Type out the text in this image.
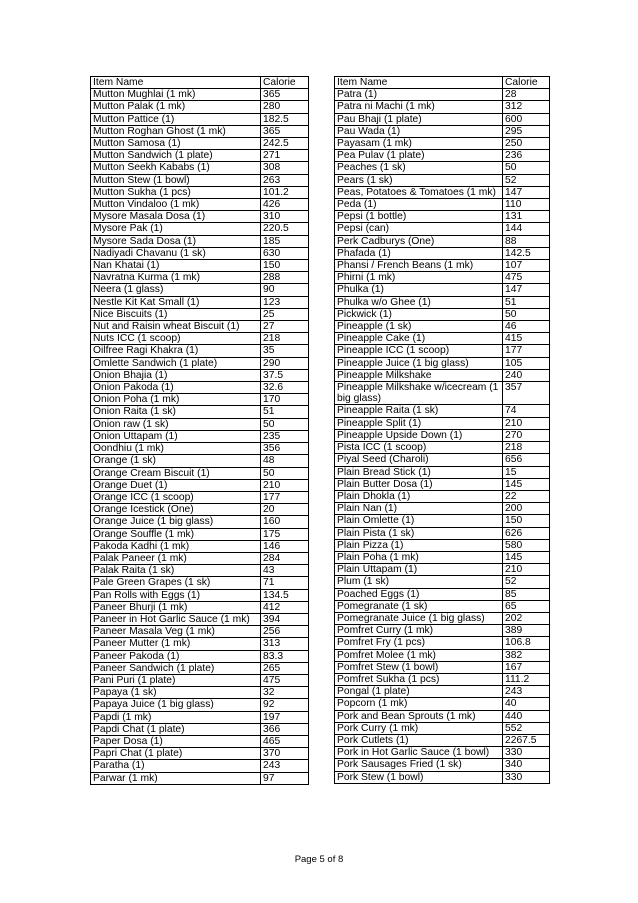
Item Name	Calorie
Mutton Mughlai (1 mk)	365
Mutton Palak (1 mk)	280
Mutton Pattice (1)	182.5
Mutton Roghan Ghost (1 mk)	365
Mutton Samosa (1)	242.5
Mutton Sandwich (1 plate)	271
Mutton Seekh Kababs (1)	308
Mutton Stew (1 bowl)	263
Mutton Sukha (1 pcs)	101.2
Mutton Vindaloo (1 mk)	426
Mysore Masala Dosa (1)	310
Mysore Pak (1)	220.5
Mysore Sada Dosa (1)	185
Nadiyadi Chavanu (1 sk)	630
Nan Khatai (1)	150
Navratna Kurma (1 mk)	288
Neera (1 glass)	90
Nestle Kit Kat Small (1)	123
Nice Biscuits (1)	25
Nut and Raisin wheat Biscuit (1)	27
Nuts ICC (1 scoop)	218
Oilfree Ragi Khakra (1)	35
Omlette Sandwich (1 plate)	290
Onion Bhajia (1)	37.5
Onion Pakoda (1)	32.6
Onion Poha (1 mk)	170
Onion Raita (1 sk)	51
Onion raw (1 sk)	50
Onion Uttapam (1)	235
Oondhiu (1 mk)	356
Orange (1 sk)	48
Orange Cream Biscuit (1)	50
Orange Duet (1)	210
Orange ICC (1 scoop)	177
Orange Icestick (One)	20
Orange Juice (1 big glass)	160
Orange Souffle (1 mk)	175
Pakoda Kadhi (1 mk)	146
Palak Paneer (1 mk)	284
Palak Raita (1 sk)	43
Pale Green Grapes (1 sk)	71
Pan Rolls with Eggs (1)	134.5
Paneer Bhurji (1 mk)	412
Paneer in Hot Garlic Sauce (1 mk)	394
Paneer Masala Veg (1 mk)	256
Paneer Mutter (1 mk)	313
Paneer Pakoda (1)	83.3
Paneer Sandwich (1 plate)	265
Pani Puri (1 plate)	475
Papaya (1 sk)	32
Papaya Juice (1 big glass)	92
Papdi (1 mk)	197
Papdi Chat (1 plate)	366
Paper Dosa (1)	465
Papri Chat (1 plate)	370
Paratha (1)	243
Parwar (1 mk)	97
Item Name	Calorie
Patra (1)	28
Patra ni Machi (1 mk)	312
Pau Bhaji (1 plate)	600
Pau Wada (1)	295
Payasam (1 mk)	250
Pea Pulav (1 plate)	236
Peaches (1 sk)	50
Pears (1 sk)	52
Peas, Potatoes & Tomatoes (1 mk)	147
Peda (1)	110
Pepsi (1 bottle)	131
Pepsi (can)	144
Perk Cadburys (One)	88
Phafada (1)	142.5
Phansi / French Beans (1 mk)	107
Phirni (1 mk)	475
Phulka (1)	147
Phulka w/o Ghee (1)	51
Pickwick (1)	50
Pineapple (1 sk)	46
Pineapple Cake (1)	415
Pineapple ICC (1 scoop)	177
Pineapple Juice (1 big glass)	105
Pineapple Milkshake	240
Pineapple Milkshake w/icecream (1 big glass)	357
Pineapple Raita (1 sk)	74
Pineapple Split (1)	210
Pineapple Upside Down (1)	270
Pista ICC (1 scoop)	218
Piyal Seed (Charoli)	656
Plain Bread Stick (1)	15
Plain Butter Dosa (1)	145
Plain Dhokla (1)	22
Plain Nan (1)	200
Plain Omlette (1)	150
Plain Pista (1 sk)	626
Plain Pizza (1)	580
Plain Poha (1 mk)	145
Plain Uttapam (1)	210
Plum (1 sk)	52
Poached Eggs (1)	85
Pomegranate (1 sk)	65
Pomegranate Juice (1 big glass)	202
Pomfret Curry (1 mk)	389
Pomfret Fry (1 pcs)	106.8
Pomfret Molee (1 mk)	382
Pomfret Stew (1 bowl)	167
Pomfret Sukha (1 pcs)	111.2
Pongal (1 plate)	243
Popcorn (1 mk)	40
Pork and Bean Sprouts (1 mk)	440
Pork Curry (1 mk)	552
Pork Cutlets (1)	2267.5
Pork in Hot Garlic Sauce (1 bowl)	330
Pork Sausages Fried (1 sk)	340
Pork Stew (1 bowl)	330
Page 5 of 8
